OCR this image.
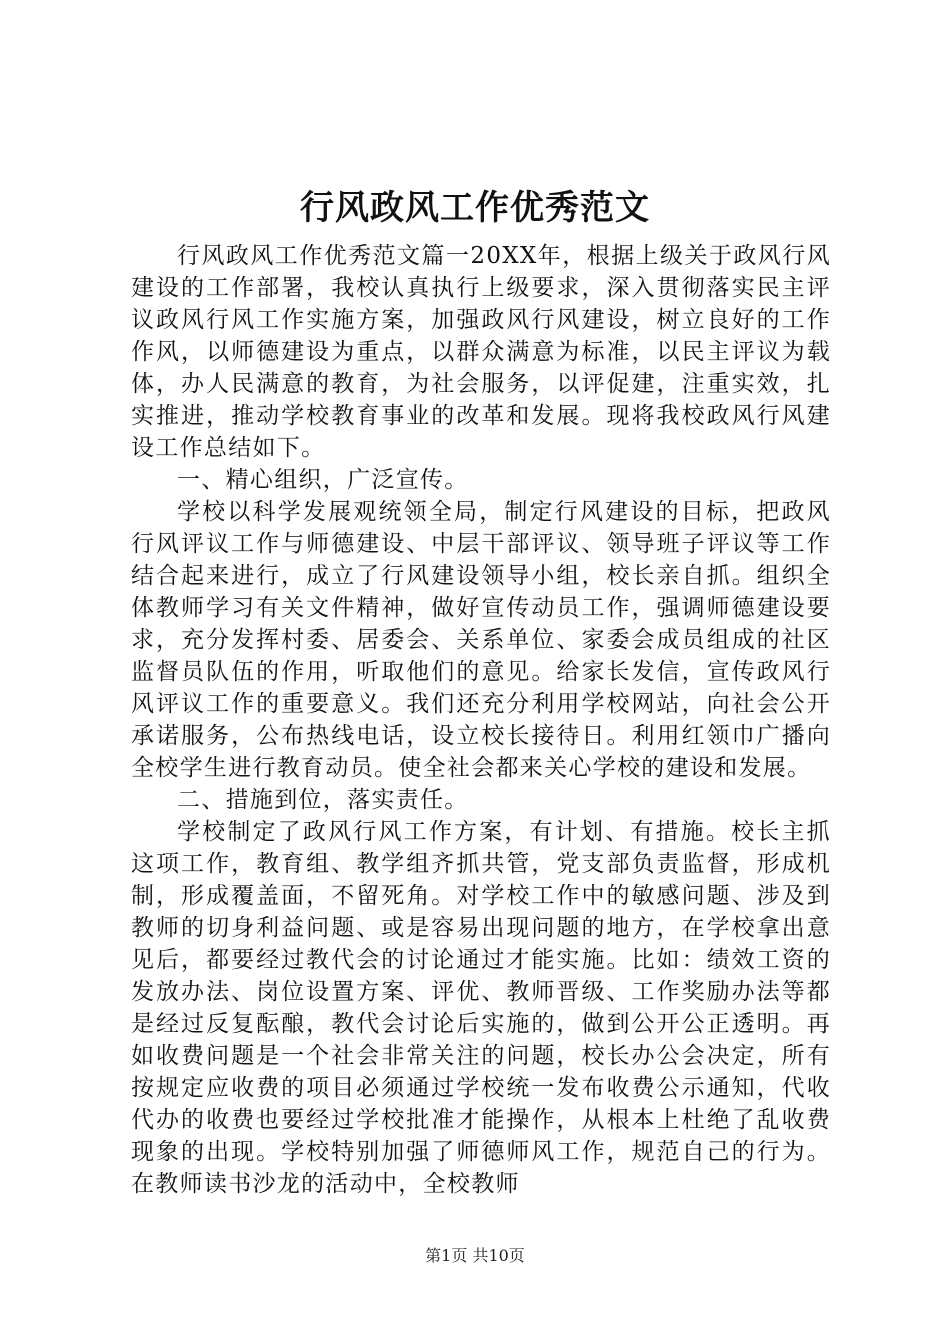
行风政风工作优秀范文

行风政风工作优秀范文篇一20XX年，根据上级关于政风行风建设的工作部署，我校认真执行上级要求，深入贯彻落实民主评议政风行风工作实施方案，加强政风行风建设，树立良好的工作作风，以师德建设为重点，以群众满意为标准，以民主评议为载体，办人民满意的教育，为社会服务，以评促建，注重实效，扎实推进，推动学校教育事业的改革和发展。现将我校政风行风建设工作总结如下。

一、精心组织，广泛宣传。

学校以科学发展观统领全局，制定行风建设的目标，把政风行风评议工作与师德建设、中层干部评议、领导班子评议等工作结合起来进行，成立了行风建设领导小组，校长亲自抓。组织全体教师学习有关文件精神，做好宣传动员工作，强调师德建设要求，充分发挥村委、居委会、关系单位、家委会成员组成的社区监督员队伍的作用，听取他们的意见。给家长发信，宣传政风行风评议工作的重要意义。我们还充分利用学校网站，向社会公开承诺服务，公布热线电话，设立校长接待日。利用红领巾广播向全校学生进行教育动员。使全社会都来关心学校的建设和发展。

二、措施到位，落实责任。

学校制定了政风行风工作方案，有计划、有措施。校长主抓这项工作，教育组、教学组齐抓共管，党支部负责监督，形成机制，形成覆盖面，不留死角。对学校工作中的敏感问题、涉及到教师的切身利益问题、或是容易出现问题的地方，在学校拿出意见后，都要经过教代会的讨论通过才能实施。比如：绩效工资的发放办法、岗位设置方案、评优、教师晋级、工作奖励办法等都是经过反复酝酿，教代会讨论后实施的，做到公开公正透明。再如收费问题是一个社会非常关注的问题，校长办公会决定，所有按规定应收费的项目必须通过学校统一发布收费公示通知，代收代办的收费也要经过学校批准才能操作，从根本上杜绝了乱收费现象的出现。学校特别加强了师德师风工作，规范自己的行为。在教师读书沙龙的活动中，全校教师

第1页 共10页
